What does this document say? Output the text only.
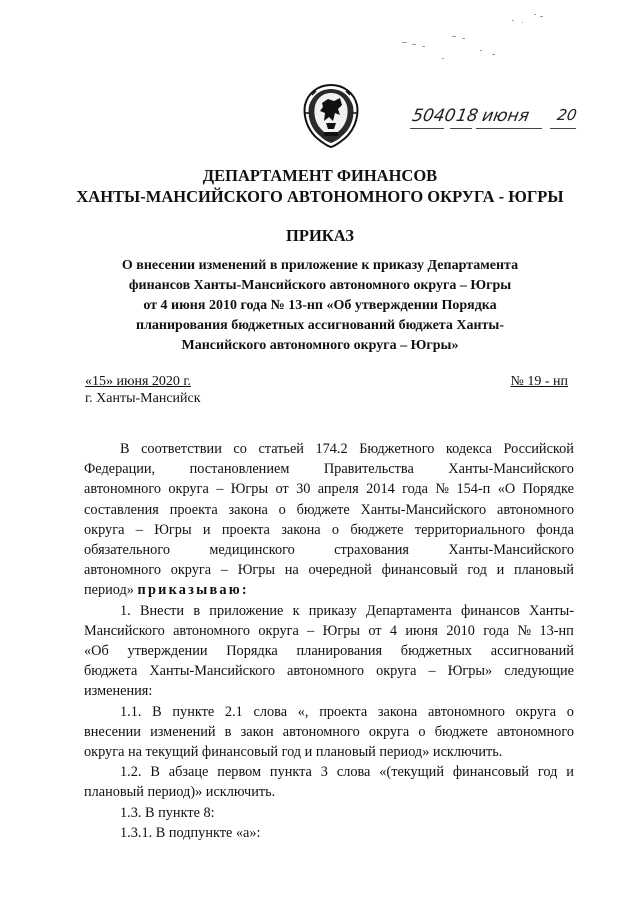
5040
18 июня 20
ДЕПАРТАМЕНТ ФИНАНСОВ
ХАНТЫ-МАНСИЙСКОГО АВТОНОМНОГО ОКРУГА - ЮГРЫ
ПРИКАЗ
О внесении изменений в приложение к приказу Департамента
финансов Ханты-Мансийского автономного округа – Югры
от 4 июня 2010 года № 13-нп «Об утверждении Порядка
планирования бюджетных ассигнований бюджета Ханты-
Мансийского автономного округа – Югры»
«15» июня 2020 г.	№ 19 - нп
г. Ханты-Мансийск
В соответствии со статьей 174.2 Бюджетного кодекса Российской
Федерации, постановлением Правительства Ханты-Мансийского
автономного округа – Югры от 30 апреля 2014 года № 154-п «О Порядке
составления проекта закона о бюджете Ханты-Мансийского автономного
округа – Югры и проекта закона о бюджете территориального фонда
обязательного	медицинского	страхования	Ханты-Мансийского
автономного округа – Югры на очередной финансовый год и плановый
период»
приказываю :
1. Внести в приложение к приказу Департамента финансов Ханты-
Мансийского автономного округа – Югры от 4 июня 2010 года № 13-нп
«Об утверждении Порядка планирования бюджетных ассигнований
бюджета Ханты-Мансийского автономного округа – Югры» следующие
изменения:
1.1. В пункте 2.1 слова «, проекта закона автономного округа о
внесении изменений в закон автономного округа о бюджете автономного
округа на текущий финансовый год и плановый период» исключить.
1.2. В абзаце первом пункта 3 слова «(текущий финансовый год и
плановый период)» исключить.
1.3. В пункте 8:
1.3.1. В подпункте «а»:
